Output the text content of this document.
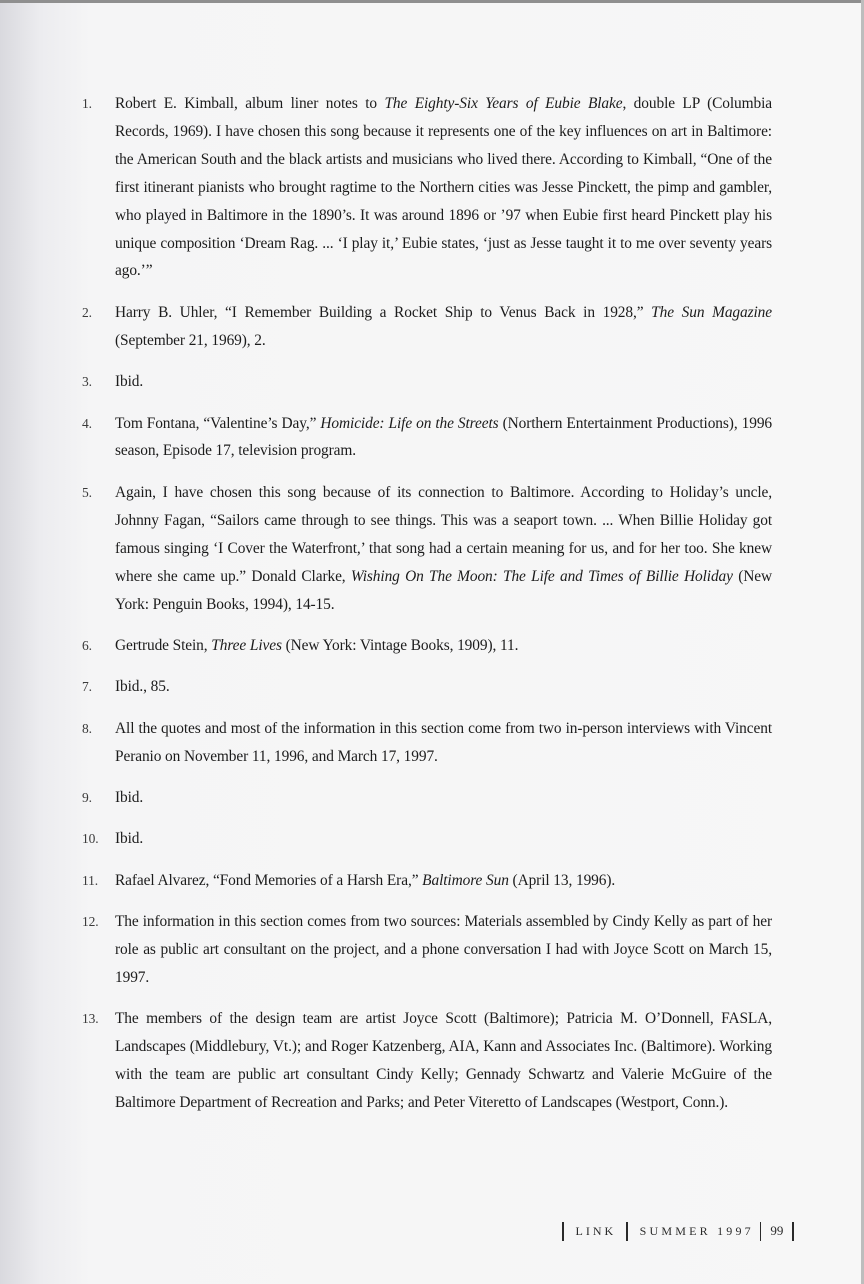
1.	Robert E. Kimball, album liner notes to The Eighty-Six Years of Eubie Blake, double LP (Columbia Records, 1969). I have chosen this song because it represents one of the key influences on art in Baltimore: the American South and the black artists and musicians who lived there. According to Kimball, “One of the first itinerant pianists who brought ragtime to the Northern cities was Jesse Pinckett, the pimp and gambler, who played in Baltimore in the 1890’s. It was around 1896 or ’97 when Eubie first heard Pinckett play his unique composition ‘Dream Rag. ... ‘I play it,’ Eubie states, ‘just as Jesse taught it to me over seventy years ago.’”
2.	Harry B. Uhler, “I Remember Building a Rocket Ship to Venus Back in 1928,” The Sun Magazine (September 21, 1969), 2.
3.	Ibid.
4.	Tom Fontana, “Valentine’s Day,” Homicide: Life on the Streets (Northern Entertainment Productions), 1996 season, Episode 17, television program.
5.	Again, I have chosen this song because of its connection to Baltimore. According to Holiday’s uncle, Johnny Fagan, “Sailors came through to see things. This was a seaport town. ... When Billie Holiday got famous singing ‘I Cover the Waterfront,’ that song had a certain meaning for us, and for her too. She knew where she came up.” Donald Clarke, Wishing On The Moon: The Life and Times of Billie Holiday (New York: Penguin Books, 1994), 14-15.
6.	Gertrude Stein, Three Lives (New York: Vintage Books, 1909), 11.
7.	Ibid., 85.
8.	All the quotes and most of the information in this section come from two in-person interviews with Vincent Peranio on November 11, 1996, and March 17, 1997.
9.	Ibid.
10.	Ibid.
11.	Rafael Alvarez, “Fond Memories of a Harsh Era,” Baltimore Sun (April 13, 1996).
12.	The information in this section comes from two sources: Materials assembled by Cindy Kelly as part of her role as public art consultant on the project, and a phone conversation I had with Joyce Scott on March 15, 1997.
13.	The members of the design team are artist Joyce Scott (Baltimore); Patricia M. O’Donnell, FASLA, Landscapes (Middlebury, Vt.); and Roger Katzenberg, AIA, Kann and Associates Inc. (Baltimore). Working with the team are public art consultant Cindy Kelly; Gennady Schwartz and Valerie McGuire of the Baltimore Department of Recreation and Parks; and Peter Viteretto of Landscapes (Westport, Conn.).
LINK	SUMMER 1997	99
